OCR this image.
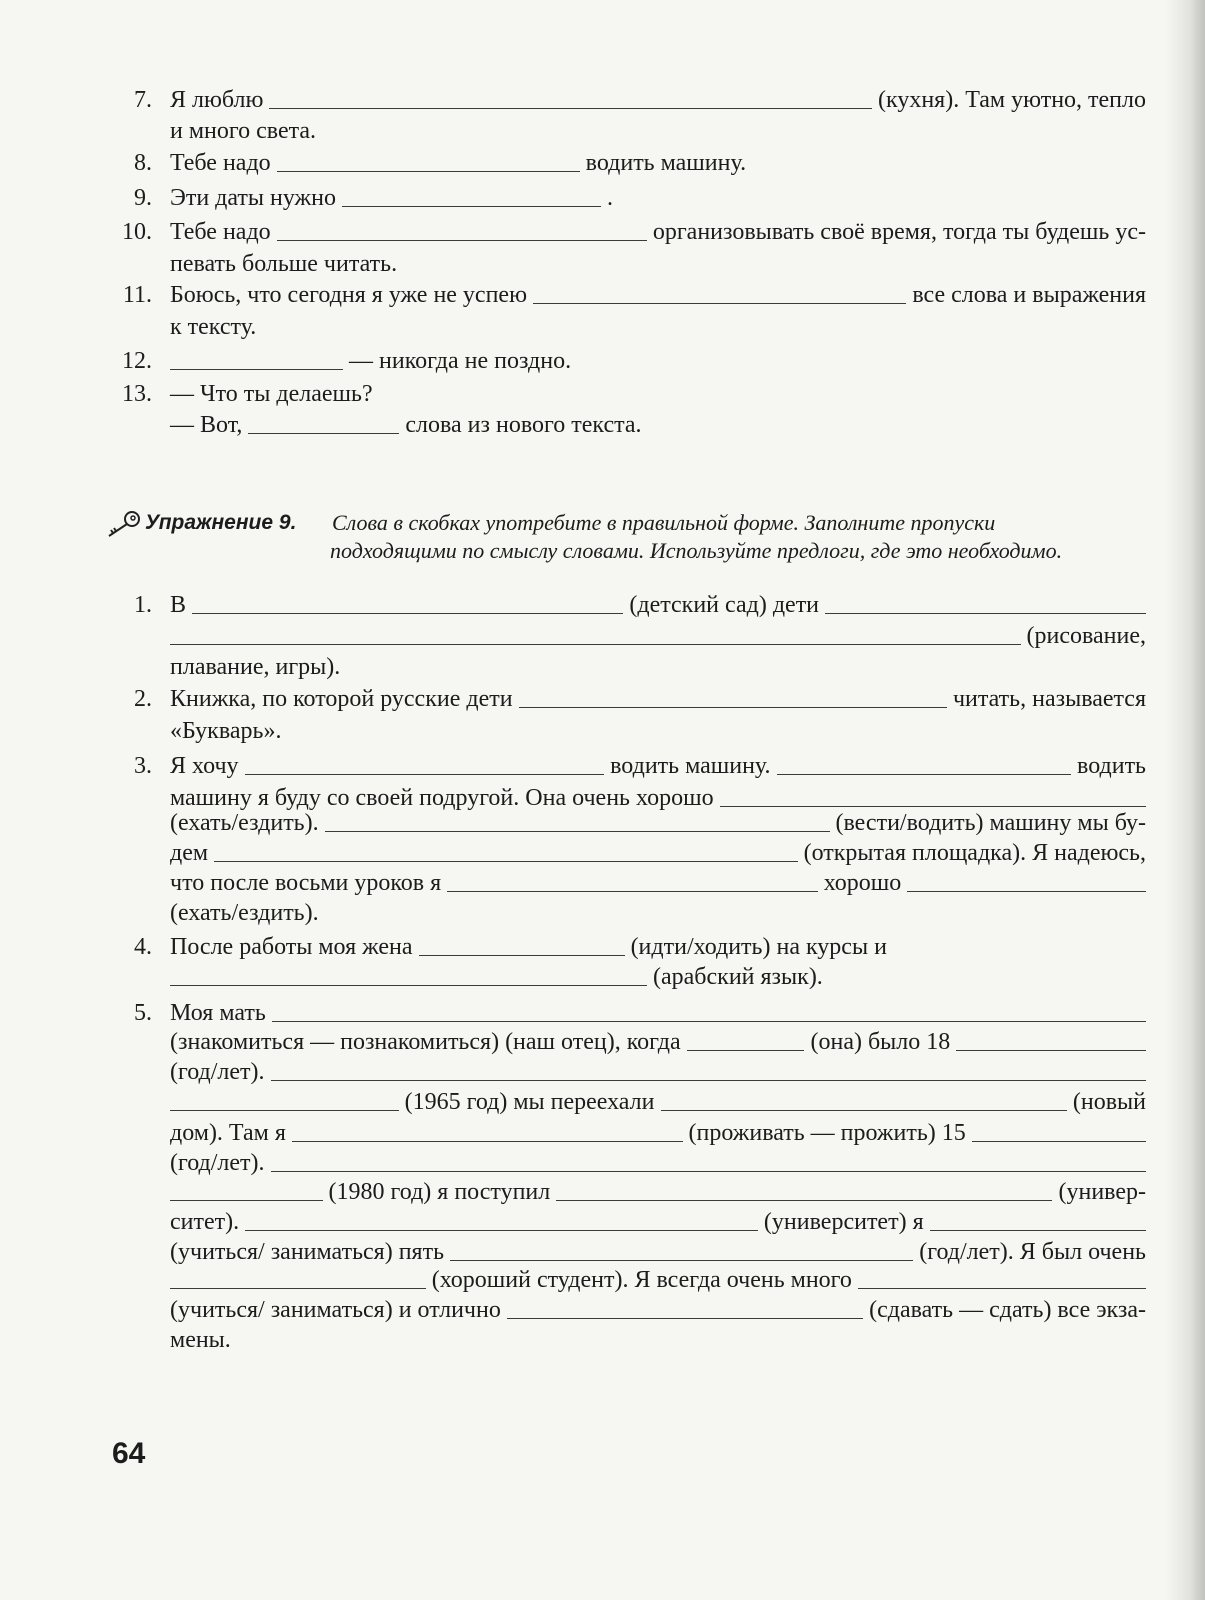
7. Я люблю	(кухня). Там уютно, тепло
и много света.
8. Тебе надо	водить машину.
9. Эти даты нужно	.
10. Тебе надо	организовывать своё время, тогда ты будешь ус-
певать больше читать.
11. Боюсь, что сегодня я уже не успею	все слова и выражения
к тексту.
12.	— никогда не поздно.
13. — Что ты делаешь?
— Вот,	слова из нового текста.
Упражнение 9. Слова в скобках употребите в правильной форме. Заполните пропуски
подходящими по смыслу словами. Используйте предлоги, где это необходимо.
1. В	(детский сад) дети
(рисование,
плавание, игры).
2. Книжка, по которой русские дети	читать, называется
«Букварь».
3. Я хочу	водить машину.	водить
машину я буду со своей подругой. Она очень хорошо
(ехать/ездить).	(вести/водить) машину мы бу-
дем	(открытая площадка). Я надеюсь,
что после восьми уроков я	хорошо
(ехать/ездить).
4. После работы моя жена	(идти/ходить) на курсы и
(арабский язык).
5. Моя мать
(знакомиться — познакомиться) (наш отец), когда	(она) было 18
(год/лет).
(1965 год) мы переехали	(новый
дом). Там я	(проживать — прожить) 15
(год/лет).
(1980 год) я поступил	(универ-
ситет).	(университет) я
(учиться/ заниматься) пять	(год/лет). Я был очень
(хороший студент). Я всегда очень много
(учиться/ заниматься) и отлично	(сдавать — сдать) все экза-
мены.
64
